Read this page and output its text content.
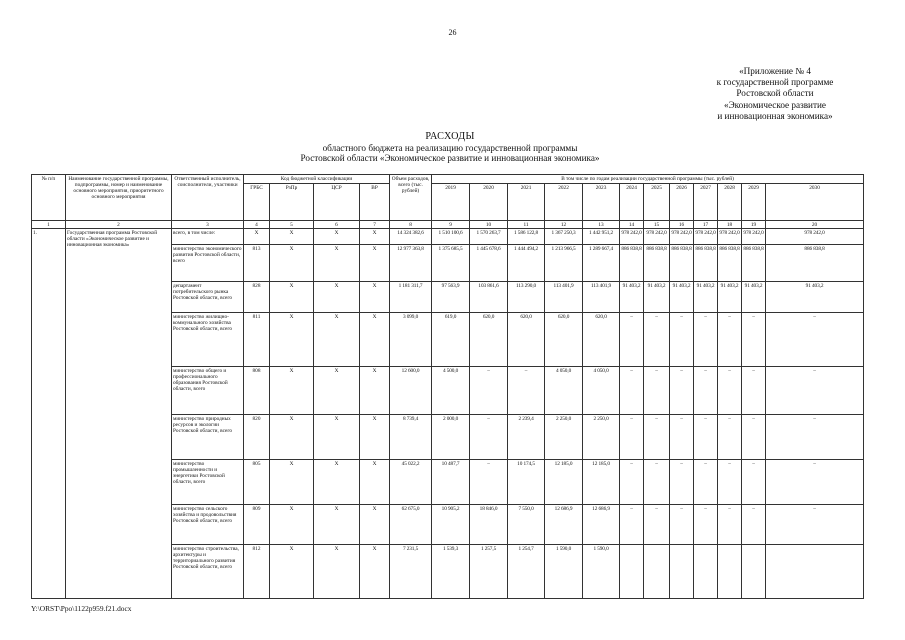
26
«Приложение № 4
к государственной программе
Ростовской области
«Экономическое развитие
и инновационная экономика»
РАСХОДЫ
областного бюджета на реализацию государственной программы
Ростовской области «Экономическое развитие и инновационная экономика»
№ п/п	Наименование государственной программы, подпрограммы, номер и наименование основного мероприятия, приоритетного основного мероприятия	Ответственный исполнитель, соисполнители, участники	Код бюджетной классификации				Объем расходов, всего (тыс. рублей)	В том числе по годам реализации государственной программы (тыс. рублей)											
			ГРБС	РзПр	ЦСР	ВР		2019	2020	2021	2022	2023	2024	2025	2026	2027	2028	2029	2030
1	2	3	4	5	6	7	8	9	10	11	12	13	14	15	16	17	18	19	20
1.	Государственная программа Ростовской области «Экономическое развитие и инновационная экономика»	всего, в том числе:	X	X	X	X	14 324 382,6	1 510 100,6	1 570 263,7	1 586 122,8	1 367 250,3	1 442 951,2	978 242,0	978 242,0	978 242,0	978 242,0	978 242,0	978 242,0	978 242,0
		министерство экономического развития Ростовской области, всего	813	X	X	X	12 977 363,8	1 375 685,5	1 445 678,6	1 444 494,2	1 213 966,5	1 289 667,4	886 838,8	886 838,8	886 838,8	886 838,8	886 838,8	886 838,8	886 838,8
		департамент потребительского рынка Ростовской области, всего	828	X	X	X	1 181 311,7	97 563,9	103 861,6	113 290,0	113 401,9	113 401,9	91 403,2	91 403,2	91 403,2	91 403,2	91 403,2	91 403,2	91 403,2
		министерство жилищно-коммунального хозяйства Ростовской области, всего	811	X	X	X	3 099,0	619,0	620,0	620,0	620,0	620,0	–	–	–	–	–	–	–
		министерство общего и профессионального образования Ростовской области, всего	808	X	X	X	12 600,0	4 500,0	–	–	4 050,0	4 050,0	–	–	–	–	–	–	–
		министерство природных ресурсов и экологии Ростовской области, всего	820	X	X	X	8 739,4	2 000,0	–	2 239,4	2 250,0	2 250,0	–	–	–	–	–	–	–
		министерство промышленности и энергетики Ростовской области, всего	805	X	X	X	45 022,2	10 487,7	–	10 174,5	12 185,0	12 185,0	–	–	–	–	–	–	–
		министерство сельского хозяйства и продовольствия Ростовской области, всего	809	X	X	X	62 675,0	10 905,2	18 846,0	7 550,0	12 686,9	12 686,9	–	–	–	–	–	–	–
		министерство строительства, архитектуры и территориального развития Ростовской области, всего	812	X	X	X	7 231,5	1 539,3	1 257,5	1 254,7	1 590,0	1 590,0							
Y:\ORST\Ppo\1122p959.f21.docx
